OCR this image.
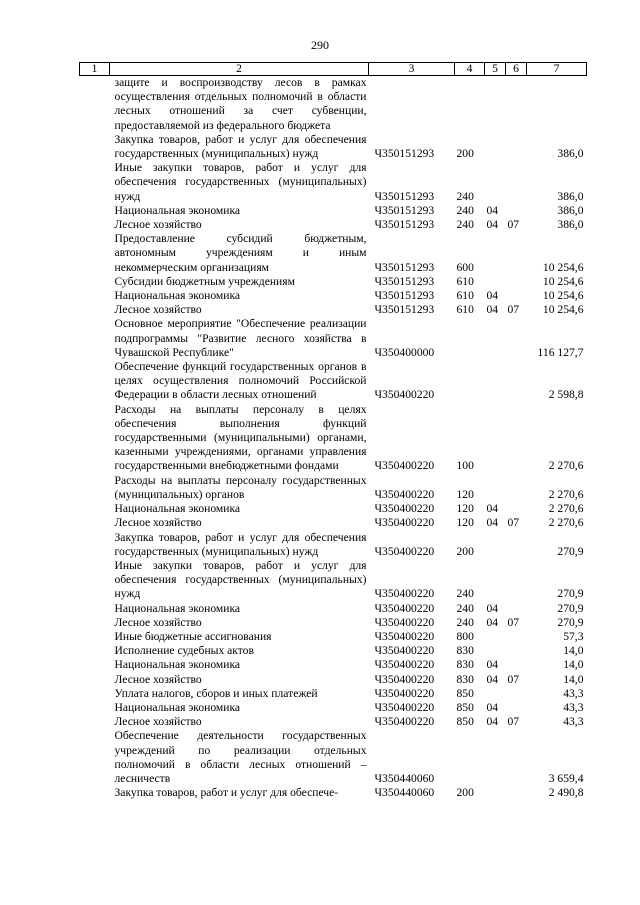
290
1	2	3	4	5	6	7
защите и воспроизводству лесов в рамках осуществления отдельных полномочий в области лесных отношений за счет субвенции, предоставляемой из федерального бюджета						
Закупка товаров, работ и услуг для обеспечения государственных (муниципальных) нужд		Ч350151293	200			386,0
Иные закупки товаров, работ и услуг для обеспечения государственных (муниципальных) нужд		Ч350151293	240			386,0
Национальная экономика		Ч350151293	240	04		386,0
Лесное хозяйство		Ч350151293	240	04	07	386,0
Предоставление субсидий бюджетным, автономным учреждениям и иным некоммерческим организациям		Ч350151293	600			10 254,6
Субсидии бюджетным учреждениям		Ч350151293	610			10 254,6
Национальная экономика		Ч350151293	610	04		10 254,6
Лесное хозяйство		Ч350151293	610	04	07	10 254,6
Основное мероприятие "Обеспечение реализации подпрограммы "Развитие лесного хозяйства в Чувашской Республике"		Ч350400000				116 127,7
Обеспечение функций государственных органов в целях осуществления полномочий Российской Федерации в области лесных отношений		Ч350400220				2 598,8
Расходы на выплаты персоналу в целях обеспечения выполнения функций государственными (муниципальными) органами, казенными учреждениями, органами управления государственными внебюджетными фондами		Ч350400220	100			2 270,6
Расходы на выплаты персоналу государственных (муниципальных) органов		Ч350400220	120			2 270,6
Национальная экономика		Ч350400220	120	04		2 270,6
Лесное хозяйство		Ч350400220	120	04	07	2 270,6
Закупка товаров, работ и услуг для обеспечения государственных (муниципальных) нужд		Ч350400220	200			270,9
Иные закупки товаров, работ и услуг для обеспечения государственных (муниципальных) нужд		Ч350400220	240			270,9
Национальная экономика		Ч350400220	240	04		270,9
Лесное хозяйство		Ч350400220	240	04	07	270,9
Иные бюджетные ассигнования		Ч350400220	800			57,3
Исполнение судебных актов		Ч350400220	830			14,0
Национальная экономика		Ч350400220	830	04		14,0
Лесное хозяйство		Ч350400220	830	04	07	14,0
Уплата налогов, сборов и иных платежей		Ч350400220	850			43,3
Национальная экономика		Ч350400220	850	04		43,3
Лесное хозяйство		Ч350400220	850	04	07	43,3
Обеспечение деятельности государственных учреждений по реализации отдельных полномочий в области лесных отношений – лесничеств		Ч350440060				3 659,4
Закупка товаров, работ и услуг для обеспече-		Ч350440060	200			2 490,8
